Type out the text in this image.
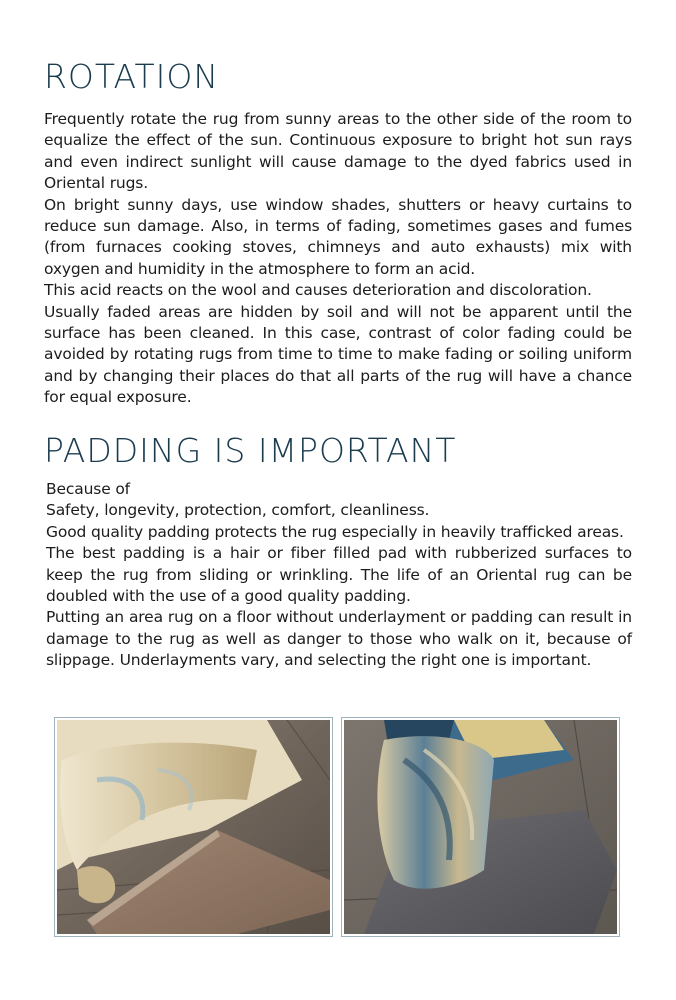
ROTATION

Frequently rotate the rug from sunny areas to the other side of the room to equalize the effect of the sun. Continuous exposure to bright hot sun rays and even indirect sunlight will cause damage to the dyed fabrics used in Oriental rugs.

On bright sunny days, use window shades, shutters or heavy curtains to reduce sun damage. Also, in terms of fading, sometimes gases and fumes (from furnaces cooking stoves, chimneys and auto exhausts) mix with oxygen and humidity in the atmosphere to form an acid.

This acid reacts on the wool and causes deterioration and discoloration.

Usually faded areas are hidden by soil and will not be apparent until the surface has been cleaned. In this case, contrast of color fading could be avoided by rotating rugs from time to time to make fading or soiling uniform and by changing their places do that all parts of the rug will have a chance for equal exposure.

PADDING IS IMPORTANT

Because of

Safety, longevity, protection, comfort, cleanliness.

Good quality padding protects the rug especially in heavily trafficked areas.

The best padding is a hair or fiber filled pad with rubberized surfaces to keep the rug from sliding or wrinkling. The life of an Oriental rug can be doubled with the use of a good quality padding.

Putting an area rug on a floor without underlayment or padding can result in damage to the rug as well as danger to those who walk on it, because of slippage. Underlayments vary, and selecting the right one is important.
